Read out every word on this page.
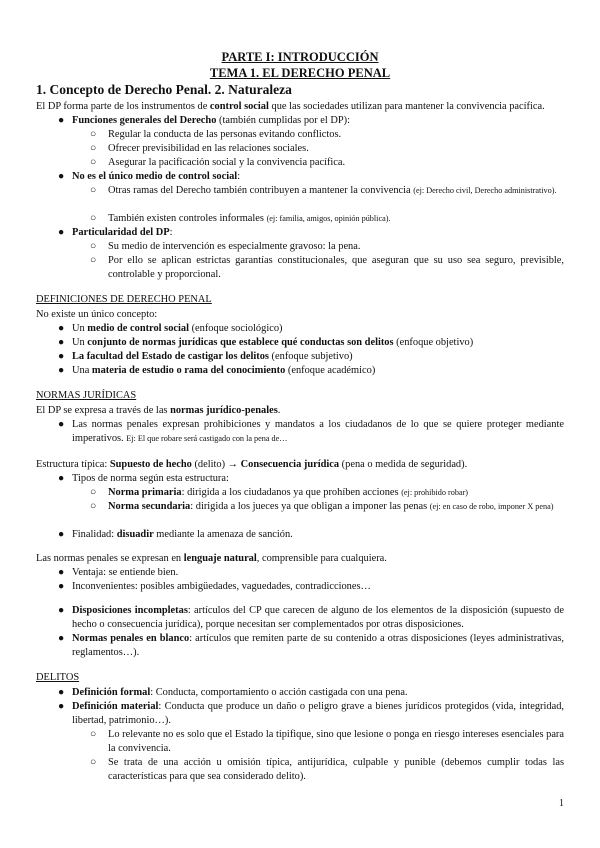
PARTE I: INTRODUCCIÓN
TEMA 1. EL DERECHO PENAL
1. Concepto de Derecho Penal. 2. Naturaleza
El DP forma parte de los instrumentos de control social que las sociedades utilizan para mantener la convivencia pacífica.
● Funciones generales del Derecho (también cumplidas por el DP):
○ Regular la conducta de las personas evitando conflictos.
○ Ofrecer previsibilidad en las relaciones sociales.
○ Asegurar la pacificación social y la convivencia pacífica.
● No es el único medio de control social:
○ Otras ramas del Derecho también contribuyen a mantener la convivencia (ej: Derecho civil, Derecho administrativo).
○ También existen controles informales (ej: familia, amigos, opinión pública).
● Particularidad del DP:
○ Su medio de intervención es especialmente gravoso: la pena.
○ Por ello se aplican estrictas garantías constitucionales, que aseguran que su uso sea seguro, previsible, controlable y proporcional.
DEFINICIONES DE DERECHO PENAL
No existe un único concepto:
● Un medio de control social (enfoque sociológico)
● Un conjunto de normas jurídicas que establece qué conductas son delitos (enfoque objetivo)
● La facultad del Estado de castigar los delitos (enfoque subjetivo)
● Una materia de estudio o rama del conocimiento (enfoque académico)
NORMAS JURÍDICAS
El DP se expresa a través de las normas jurídico-penales.
● Las normas penales expresan prohibiciones y mandatos a los ciudadanos de lo que se quiere proteger mediante imperativos. Ej: El que robare será castigado con la pena de…
Estructura típica: Supuesto de hecho (delito) → Consecuencia jurídica (pena o medida de seguridad).
● Tipos de norma según esta estructura:
○ Norma primaria: dirigida a los ciudadanos ya que prohíben acciones (ej: prohibido robar)
○ Norma secundaria: dirigida a los jueces ya que obligan a imponer las penas (ej: en caso de robo, imponer X pena)
● Finalidad: disuadir mediante la amenaza de sanción.
Las normas penales se expresan en lenguaje natural, comprensible para cualquiera.
● Ventaja: se entiende bien.
● Inconvenientes: posibles ambigüedades, vaguedades, contradicciones…
● Disposiciones incompletas: artículos del CP que carecen de alguno de los elementos de la disposición (supuesto de hecho o consecuencia jurídica), porque necesitan ser complementados por otras disposiciones.
● Normas penales en blanco: artículos que remiten parte de su contenido a otras disposiciones (leyes administrativas, reglamentos…).
DELITOS
● Definición formal: Conducta, comportamiento o acción castigada con una pena.
● Definición material: Conducta que produce un daño o peligro grave a bienes jurídicos protegidos (vida, integridad, libertad, patrimonio…).
○ Lo relevante no es solo que el Estado la tipifique, sino que lesione o ponga en riesgo intereses esenciales para la convivencia.
○ Se trata de una acción u omisión típica, antijurídica, culpable y punible (debemos cumplir todas las características para que sea considerado delito).
1
